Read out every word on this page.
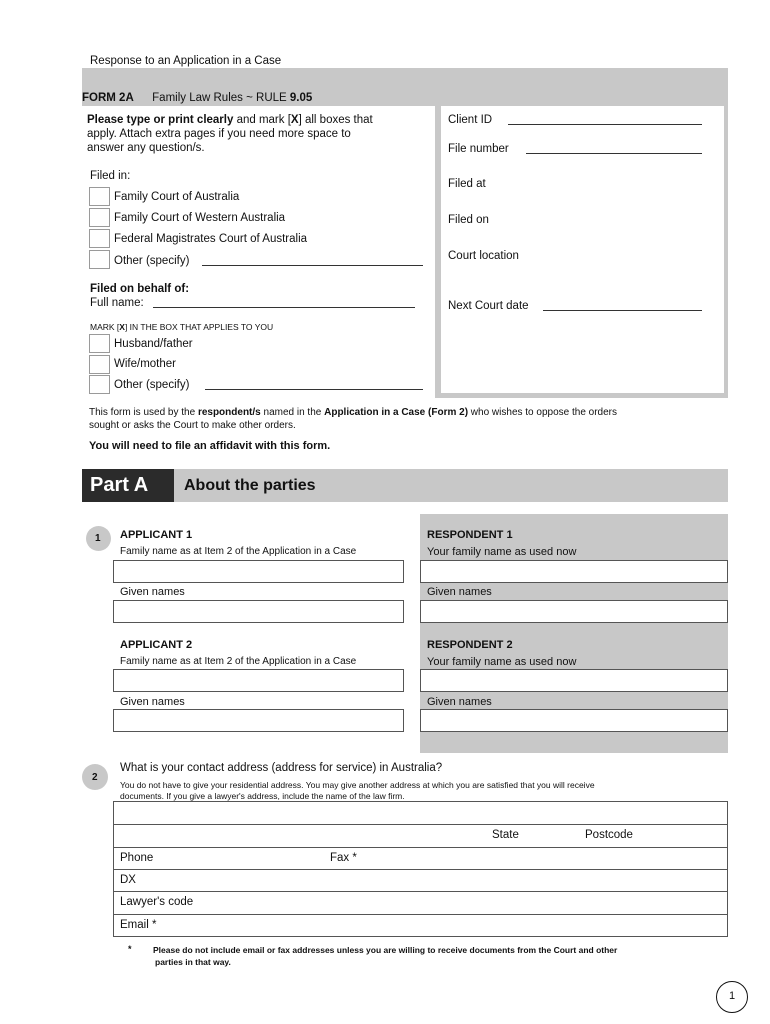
Response to an Application in a Case
FORM 2A Family Law Rules ~ RULE 9.05
Please type or print clearly and mark [X] all boxes that
apply. Attach extra pages if you need more space to
answer any question/s.
Filed in:
Family Court of Australia
Family Court of Western Australia
Federal Magistrates Court of Australia
Other (specify)
Filed on behalf of:
Full name:
MARK [X] IN THE BOX THAT APPLIES TO YOU
Husband/father
Wife/mother
Other (specify)
Client ID
File number
Filed at
Filed on
Court location
Next Court date
This form is used by the respondent/s named in the Application in a Case (Form 2) who wishes to oppose the orders
sought or asks the Court to make other orders.
You will need to file an affidavit with this form.
Part A About the parties
1 APPLICANT 1
Family name as at Item 2 of the Application in a Case
Given names
RESPONDENT 1
Your family name as used now
Given names
APPLICANT 2
Family name as at Item 2 of the Application in a Case
Given names
RESPONDENT 2
Your family name as used now
Given names
2
What is your contact address (address for service) in Australia?
You do not have to give your residential address. You may give another address at which you are satisfied that you will receive
documents. If you give a lawyer's address, include the name of the law firm.
State	Postcode
Phone	Fax *
DX
Lawyer's code
Email *
*	Please do not include email or fax addresses unless you are willing to receive documents from the Court and other
parties in that way.
1
